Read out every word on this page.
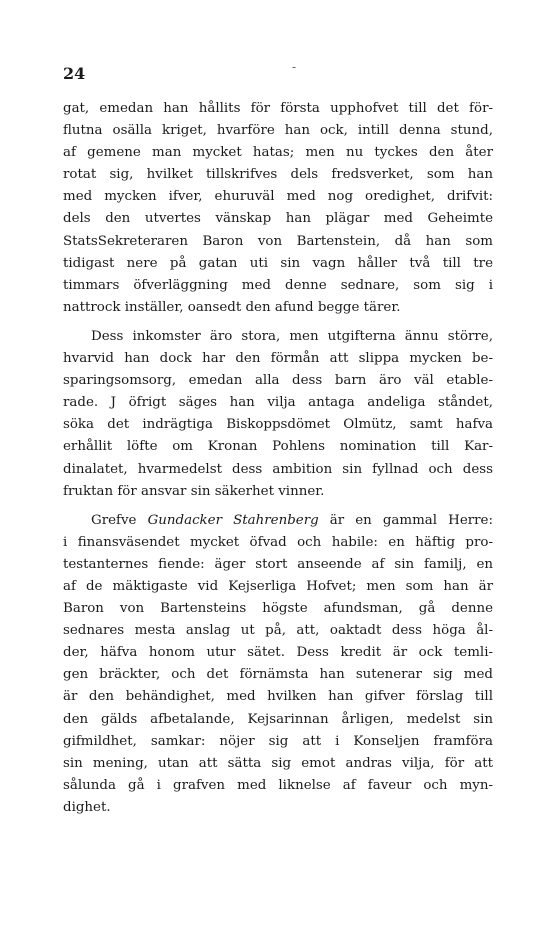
24	-
gat, emedan han hållits för första upphofvet till det för-
flutna osälla kriget, hvarföre han ock, intill denna stund,
af gemene man mycket hatas; men nu tyckes den åter
rotat sig, hvilket tillskrifves dels fredsverket, som han
med mycken ifver, ehuruväl med nog oredighet, drifvit:
dels den utvertes vänskap han plägar med Geheimte
StatsSekreteraren Baron von Bartenstein, då han som
tidigast nere på gatan uti sin vagn håller två till tre
timmars öfverläggning med denne sednare, som sig i
nattrock inställer, oansedt den afund begge tärer.
Dess inkomster äro stora, men utgifterna ännu större,
hvarvid han dock har den förmån att slippa mycken be-
sparingsomsorg, emedan alla dess barn äro väl etable-
rade. J öfrigt säges han vilja antaga andeliga ståndet,
söka det indrägtiga Biskoppsdömet Olmütz, samt hafva
erhållit löfte om Kronan Pohlens nomination till Kar-
dinalatet, hvarmedelst dess ambition sin fyllnad och dess
fruktan för ansvar sin säkerhet vinner.
Grefve Gundacker Stahrenberg är en gammal Herre:
i finansväsendet mycket öfvad och habile: en häftig pro-
testanternes fiende: äger stort anseende af sin familj, en
af de mäktigaste vid Kejserliga Hofvet; men som han är
Baron von Bartensteins högste afundsman, gå denne
sednares mesta anslag ut på, att, oaktadt dess höga ål-
der, häfva honom utur sätet. Dess kredit är ock temli-
gen bräckter, och det förnämsta han sutenerar sig med
är den behändighet, med hvilken han gifver förslag till
den gälds afbetalande, Kejsarinnan årligen, medelst sin
gifmildhet, samkar: nöjer sig att i Konseljen framföra
sin mening, utan att sätta sig emot andras vilja, för att
sålunda gå i grafven med liknelse af faveur och myn-
dighet.
